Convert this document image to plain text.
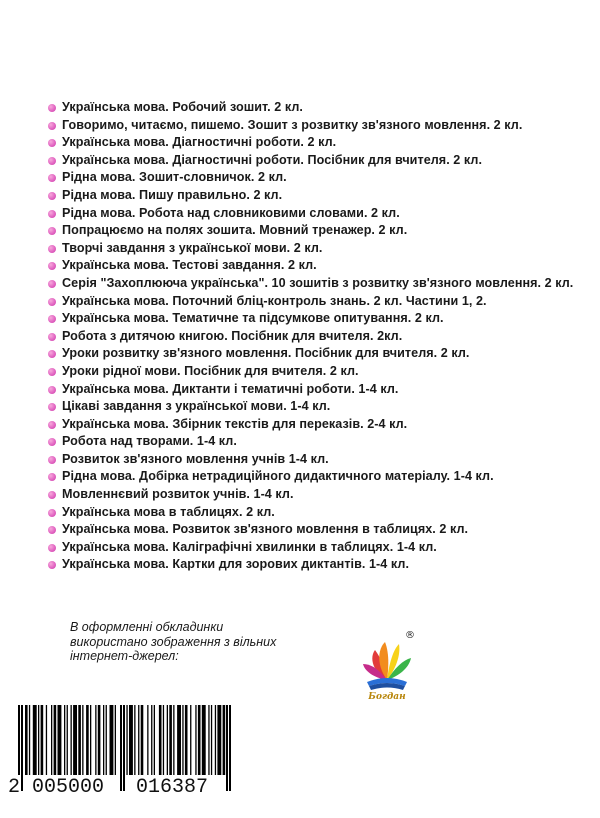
Українська мова. Робочий зошит. 2 кл.
Говоримо, читаємо, пишемо. Зошит з розвитку зв'язного мовлення. 2 кл.
Українська мова. Діагностичні роботи. 2 кл.
Українська мова. Діагностичні роботи. Посібник для вчителя. 2 кл.
Рідна мова. Зошит-словничок. 2 кл.
Рідна мова. Пишу правильно. 2 кл.
Рідна мова. Робота над словниковими словами. 2 кл.
Попрацюємо на полях зошита. Мовний тренажер. 2 кл.
Творчі завдання з української мови. 2 кл.
Українська мова. Тестові завдання. 2 кл.
Серія "Захоплююча українська". 10 зошитів з розвитку зв'язного мовлення. 2 кл.
Українська мова. Поточний бліц-контроль знань. 2 кл. Частини 1, 2.
Українська мова. Тематичне та підсумкове опитування. 2 кл.
Робота з дитячою книгою. Посібник для вчителя. 2кл.
Уроки розвитку зв'язного мовлення. Посібник для вчителя. 2 кл.
Уроки рідної мови. Посібник для вчителя. 2 кл.
Українська мова. Диктанти і тематичні роботи. 1-4 кл.
Цікаві завдання з української мови. 1-4 кл.
Українська мова. Збірник текстів для переказів. 2-4 кл.
Робота над творами. 1-4 кл.
Розвиток зв'язного мовлення учнів 1-4 кл.
Рідна мова. Добірка нетрадиційного дидактичного матеріалу. 1-4 кл.
Мовленнєвий розвиток учнів. 1-4 кл.
Українська мова в таблицях. 2 кл.
Українська мова. Розвиток зв'язного мовлення в таблицях. 2 кл.
Українська мова. Каліграфічні хвилинки в таблицях. 1-4 кл.
Українська мова. Картки для зорових диктантів. 1-4 кл.
В оформленні обкладинки
використано зображення з вільних
інтернет-джерел:
®
Богдан
2 005000 016387
